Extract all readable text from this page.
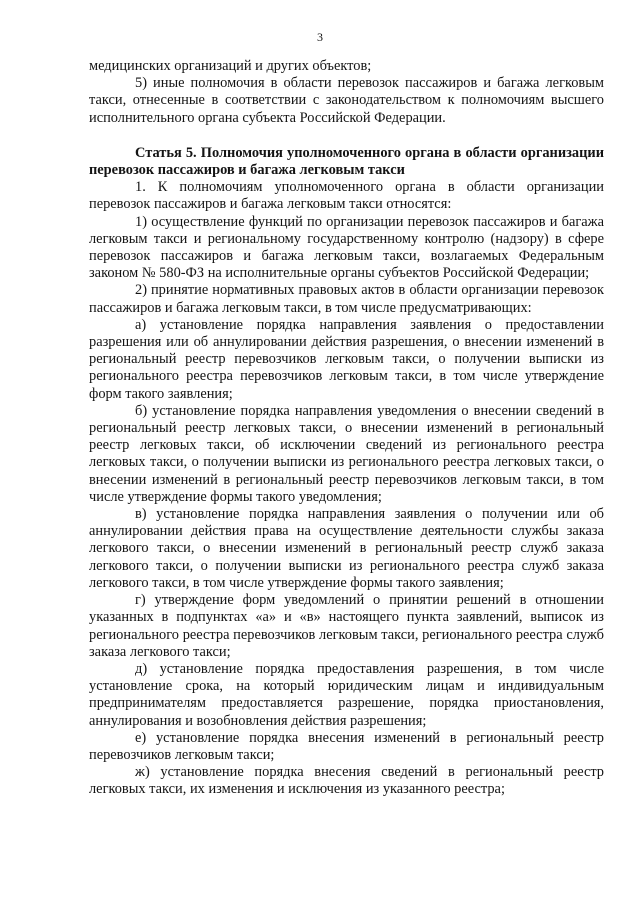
3

медицинских организаций и других объектов;

5) иные полномочия в области перевозок пассажиров и багажа легковым такси, отнесенные в соответствии с законодательством к полномочиям высшего исполнительного органа субъекта Российской Федерации.

Статья 5. Полномочия уполномоченного органа в области организации перевозок пассажиров и багажа легковым такси

1. К полномочиям уполномоченного органа в области организации перевозок пассажиров и багажа легковым такси относятся:

1) осуществление функций по организации перевозок пассажиров и багажа легковым такси и региональному государственному контролю (надзору) в сфере перевозок пассажиров и багажа легковым такси, возлагаемых Федеральным законом № 580-ФЗ на исполнительные органы субъектов Российской Федерации;

2) принятие нормативных правовых актов в области организации перевозок пассажиров и багажа легковым такси, в том числе предусматривающих:

а) установление порядка направления заявления о предоставлении разрешения или об аннулировании действия разрешения, о внесении изменений в региональный реестр перевозчиков легковым такси, о получении выписки из регионального реестра перевозчиков легковым такси, в том числе утверждение форм такого заявления;

б) установление порядка направления уведомления о внесении сведений в региональный реестр легковых такси, о внесении изменений в региональный реестр легковых такси, об исключении сведений из регионального реестра легковых такси, о получении выписки из регионального реестра легковых такси, о внесении изменений в региональный реестр перевозчиков легковым такси, в том числе утверждение формы такого уведомления;

в) установление порядка направления заявления о получении или об аннулировании действия права на осуществление деятельности службы заказа легкового такси, о внесении изменений в региональный реестр служб заказа легкового такси, о получении выписки из регионального реестра служб заказа легкового такси, в том числе утверждение формы такого заявления;

г) утверждение форм уведомлений о принятии решений в отношении указанных в подпунктах «а» и «в» настоящего пункта заявлений, выписок из регионального реестра перевозчиков легковым такси, регионального реестра служб заказа легкового такси;

д) установление порядка предоставления разрешения, в том числе установление срока, на который юридическим лицам и индивидуальным предпринимателям предоставляется разрешение, порядка приостановления, аннулирования и возобновления действия разрешения;

е) установление порядка внесения изменений в региональный реестр перевозчиков легковым такси;

ж) установление порядка внесения сведений в региональный реестр легковых такси, их изменения и исключения из указанного реестра;
